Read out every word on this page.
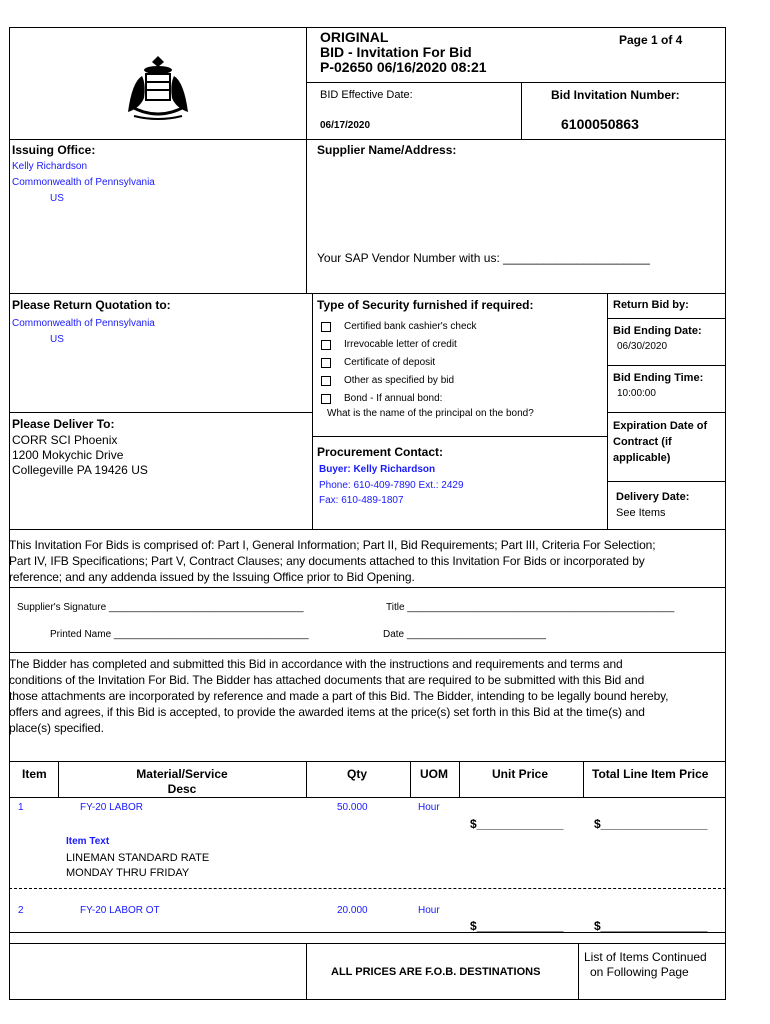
ORIGINAL
BID - Invitation For Bid
P-02650 06/16/2020 08:21
Page 1 of 4
BID Effective Date:
06/17/2020
Bid Invitation Number:
6100050863
Issuing Office:
Kelly Richardson
Commonwealth of Pennsylvania
US
Supplier Name/Address:
Your SAP Vendor Number with us: ______________________
Please Return Quotation to:
Commonwealth of Pennsylvania
US
Type of Security furnished if required:
Certified bank cashier's check
Irrevocable letter of credit
Certificate of deposit
Other as specified by bid
Bond - If annual bond:
What is the name of the principal on the bond?
Return Bid by:
Bid Ending Date:
06/30/2020
Bid Ending Time:
10:00:00
Expiration Date of
Contract (if
applicable)
Delivery Date:
See Items
Please Deliver To:
CORR SCI Phoenix
1200 Mokychic Drive
Collegeville PA 19426 US
Procurement Contact:
Buyer: Kelly Richardson
Phone: 610-409-7890 Ext.: 2429
Fax: 610-489-1807
This Invitation For Bids is comprised of: Part I, General Information; Part II, Bid Requirements; Part III, Criteria For Selection;
Part IV, IFB Specifications; Part V, Contract Clauses; any documents attached to this Invitation For Bids or incorporated by
reference; and any addenda issued by the Issuing Office prior to Bid Opening.
Supplier's Signature ___________________________________	Title ________________________________________________
Printed Name ___________________________________	Date _________________________
The Bidder has completed and submitted this Bid in accordance with the instructions and requirements and terms and
conditions of the Invitation For Bid. The Bidder has attached documents that are required to be submitted with this Bid and
those attachments are incorporated by reference and made a part of this Bid. The Bidder, intending to be legally bound hereby,
offers and agrees, if this Bid is accepted, to provide the awarded items at the price(s) set forth in this Bid at the time(s) and
place(s) specified.
Item	Material/Service
Desc
Qty	UOM	Unit Price	Total Line Item Price
1	FY-20 LABOR	50.000	Hour
$_____________	$________________
Item Text
LINEMAN STANDARD RATE
MONDAY THRU FRIDAY
2	FY-20 LABOR OT	20.000	Hour
$_____________	$________________
ALL PRICES ARE F.O.B. DESTINATIONS
List of Items Continued
on Following Page
